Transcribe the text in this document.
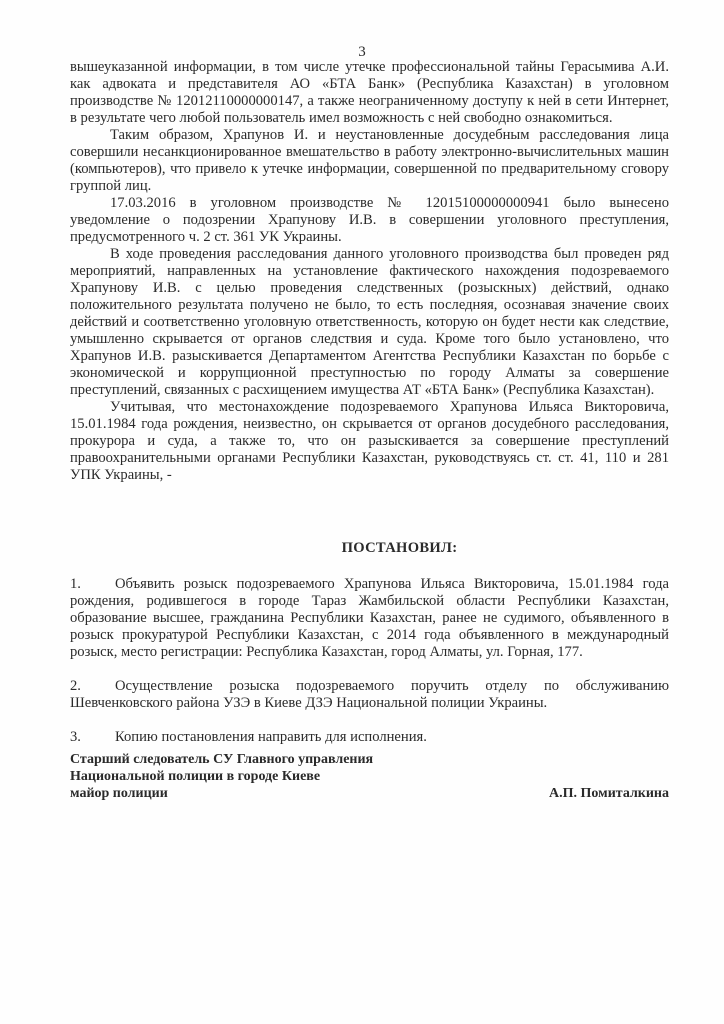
3

вышеуказанной информации, в том числе утечке профессиональной тайны Герасымива А.И. как адвоката и представителя АО «БТА Банк» (Республика Казахстан) в уголовном производстве № 12012110000000147, а также неограниченному доступу к ней в сети Интернет, в результате чего любой пользователь имел возможность с ней свободно ознакомиться.

Таким образом, Храпунов И. и неустановленные досудебным расследования лица совершили несанкционированное вмешательство в работу электронно-вычислительных машин (компьютеров), что привело к утечке информации, совершенной по предварительному сговору группой лиц.

17.03.2016 в уголовном производстве № 12015100000000941 было вынесено уведомление о подозрении Храпунову И.В. в совершении уголовного преступления, предусмотренного ч. 2 ст. 361 УК Украины.

В ходе проведения расследования данного уголовного производства был проведен ряд мероприятий, направленных на установление фактического нахождения подозреваемого Храпунову И.В. с целью проведения следственных (розыскных) действий, однако положительного результата получено не было, то есть последняя, осознавая значение своих действий и соответственно уголовную ответственность, которую он будет нести как следствие, умышленно скрывается от органов следствия и суда. Кроме того было установлено, что Храпунов И.В. разыскивается Департаментом Агентства Республики Казахстан по борьбе с экономической и коррупционной преступностью по городу Алматы за совершение преступлений, связанных с расхищением имущества АТ «БТА Банк» (Республика Казахстан).

Учитывая, что местонахождение подозреваемого Храпунова Ильяса Викторовича, 15.01.1984 года рождения, неизвестно, он скрывается от органов досудебного расследования, прокурора и суда, а также то, что он разыскивается за совершение преступлений правоохранительными органами Республики Казахстан, руководствуясь ст. ст. 41, 110 и 281 УПК Украины, -

ПОСТАНОВИЛ:
1. Объявить розыск подозреваемого Храпунова Ильяса Викторовича, 15.01.1984 года рождения, родившегося в городе Тараз Жамбильской области Республики Казахстан, образование высшее, гражданина Республики Казахстан, ранее не судимого, объявленного в розыск прокуратурой Республики Казахстан, с 2014 года объявленного в международный розыск, место регистрации: Республика Казахстан, город Алматы, ул. Горная, 177.
2. Осуществление розыска подозреваемого поручить отделу по обслуживанию Шевченковского района УЗЭ в Киеве ДЗЭ Национальной полиции Украины.
3. Копию постановления направить для исполнения.
Старший следователь СУ Главного управления
Национальной полиции в городе Киеве
майор полиции	А.П. Помиталкина
